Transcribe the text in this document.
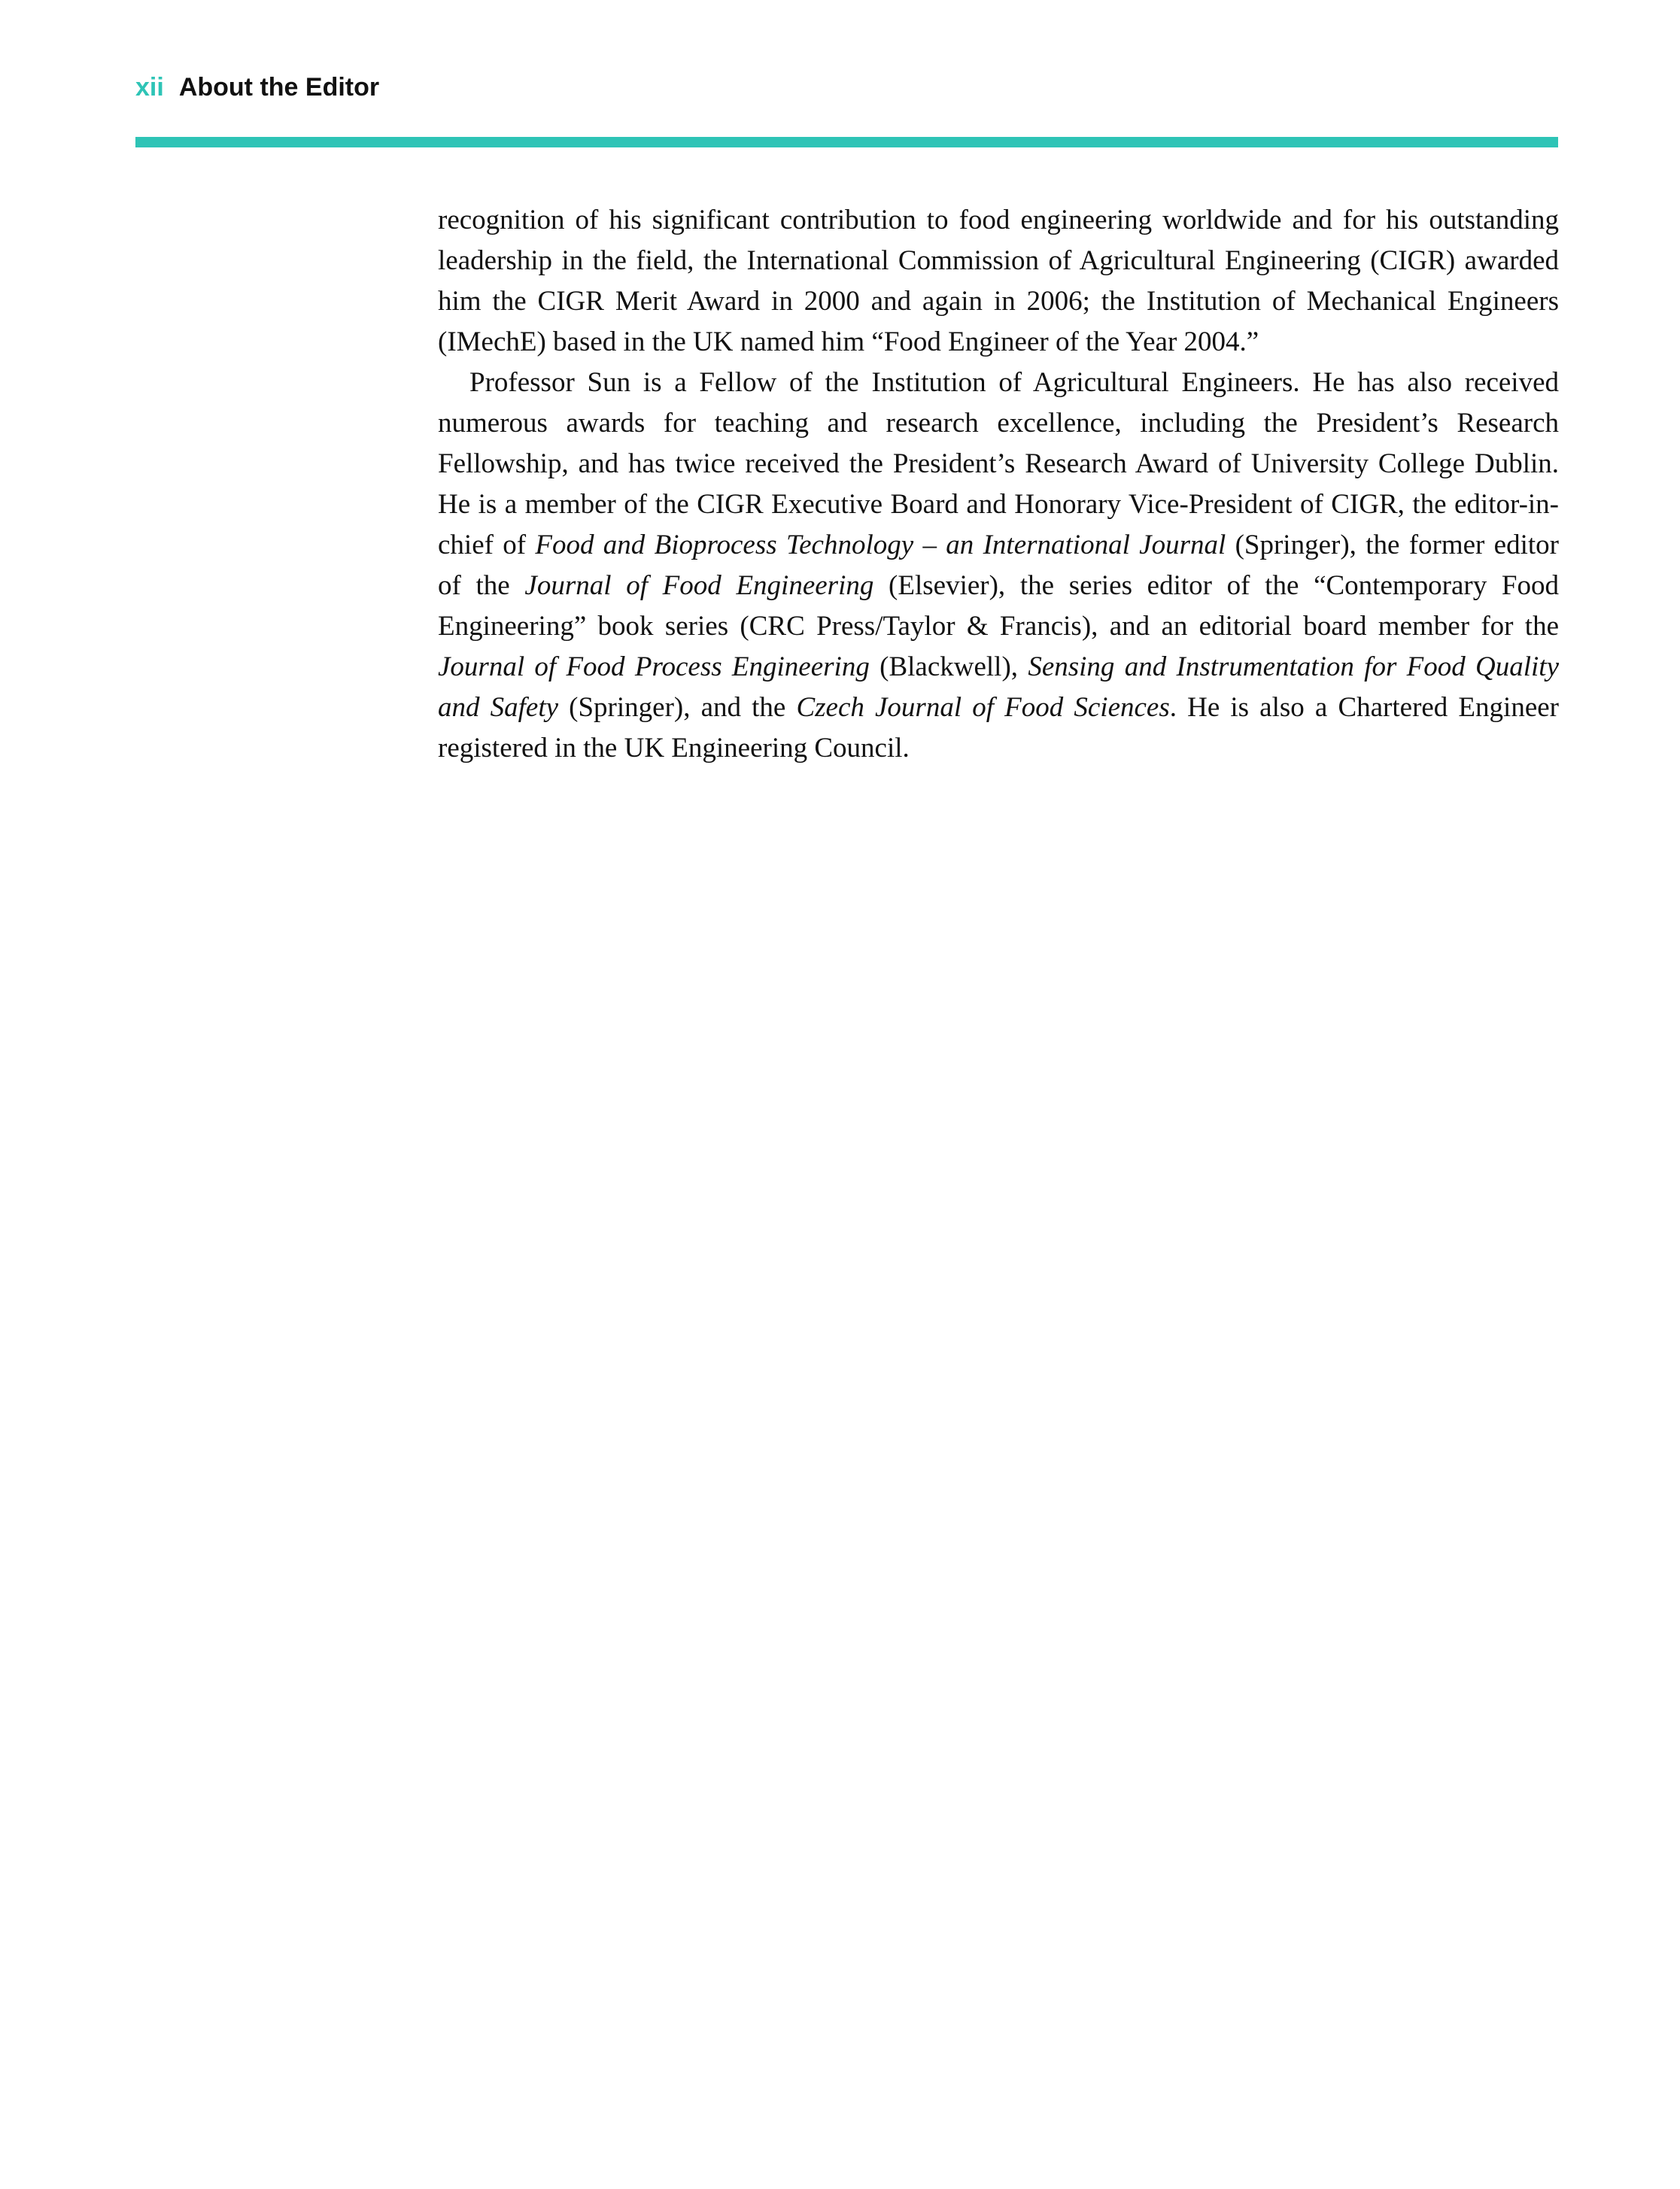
xii About the Editor

recognition of his significant contribution to food engineering worldwide and for his outstanding leadership in the field, the International Commission of Agricultural Engineering (CIGR) awarded him the CIGR Merit Award in 2000 and again in 2006; the Institution of Mechanical Engineers (IMechE) based in the UK named him “Food Engineer of the Year 2004.”

Professor Sun is a Fellow of the Institution of Agricultural Engineers. He has also received numerous awards for teaching and research excellence, including the President’s Research Fellowship, and has twice received the President’s Research Award of University College Dublin. He is a member of the CIGR Executive Board and Honorary Vice-President of CIGR, the editor-in-chief of Food and Bioprocess Technology – an International Journal (Springer), the former editor of the Journal of Food Engineering (Elsevier), the series editor of the “Contemporary Food Engineering” book series (CRC Press/Taylor & Francis), and an editorial board member for the Journal of Food Process Engineering (Blackwell), Sensing and Instrumentation for Food Quality and Safety (Springer), and the Czech Journal of Food Sciences. He is also a Chartered Engineer registered in the UK Engineering Council.
